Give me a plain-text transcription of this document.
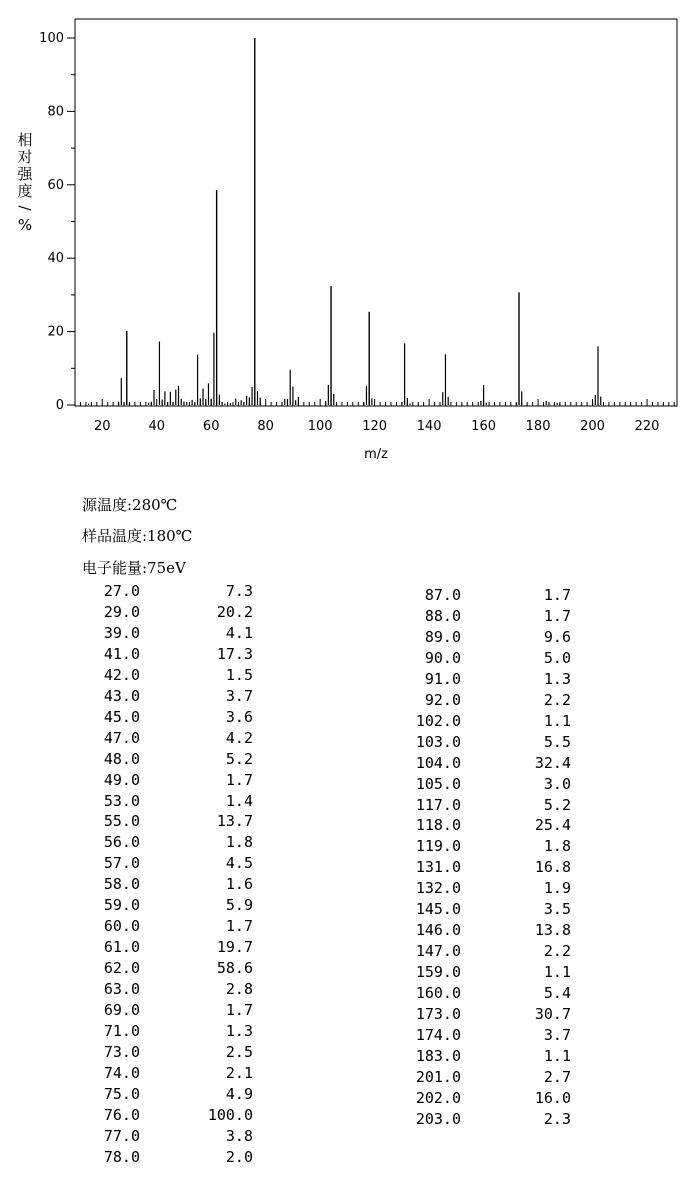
0
20
40
60
80
100
20	40	60	80	100 120 140 160 180 200 220
m/z
相
对
强
度
/
%
源温度:280℃
样品温度:180℃
电子能量:75eV
27.0	7.3
29.0	20.2
39.0	4.1
41.0	17.3
42.0	1.5
43.0	3.7
45.0	3.6
47.0	4.2
48.0	5.2
49.0	1.7
53.0	1.4
55.0	13.7
56.0	1.8
57.0	4.5
58.0	1.6
59.0	5.9
60.0	1.7
61.0	19.7
62.0	58.6
63.0	2.8
69.0	1.7
71.0	1.3
73.0	2.5
74.0	2.1
75.0	4.9
76.0	100.0
77.0	3.8
78.0	2.0
87.0	1.7
88.0	1.7
89.0	9.6
90.0	5.0
91.0	1.3
92.0	2.2
102.0	1.1
103.0	5.5
104.0	32.4
105.0	3.0
117.0	5.2
118.0	25.4
119.0	1.8
131.0	16.8
132.0	1.9
145.0	3.5
146.0	13.8
147.0	2.2
159.0	1.1
160.0	5.4
173.0	30.7
174.0	3.7
183.0	1.1
201.0	2.7
202.0	16.0
203.0	2.3
